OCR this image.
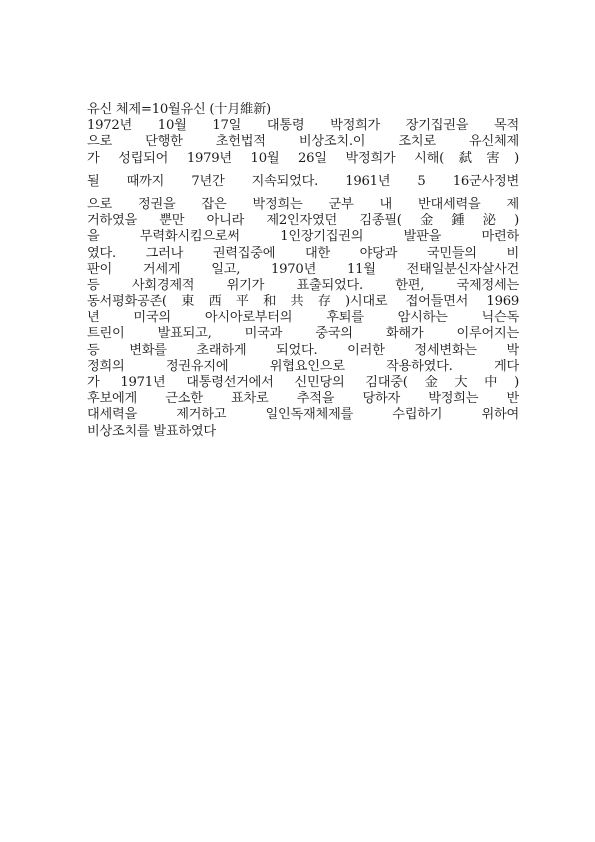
유신 체제=10월유신 (十月維新)
1972년 10월 17일 대통령 박정희가 장기집권을 목적
으로 단행한 초헌법적 비상조치.이 조치로 유신체제
가 성립되어 1979년 10월 26일 박정희가 시해(弑害)
될 때까지 7년간 지속되었다. 1961년 5 16군사정변
으로 정권을 잡은 박정희는 군부 내 반대세력을 제
거하였을 뿐만 아니라 제2인자였던 김종필(金鍾泌)
을 무력화시킴으로써 1인장기집권의 발판을 마련하
였다. 그러나 권력집중에 대한 야당과 국민들의 비
판이 거세게 일고, 1970년 11월 전태일분신자살사건
등 사회경제적 위기가 표출되었다. 한편, 국제정세는
동서평화공존(東西平和共存)시대로 접어들면서 1969
년 미국의 아시아로부터의 후퇴를 암시하는 닉슨독
트린이 발표되고, 미국과 중국의 화해가 이루어지는
등 변화를 초래하게 되었다. 이러한 정세변화는 박
정희의 정권유지에 위협요인으로 작용하였다. 게다
가 1971년 대통령선거에서 신민당의 김대중(金大中)
후보에게 근소한 표차로 추적을 당하자 박정희는 반
대세력을 제거하고 일인독재체제를 수립하기 위하여
비상조치를 발표하였다
